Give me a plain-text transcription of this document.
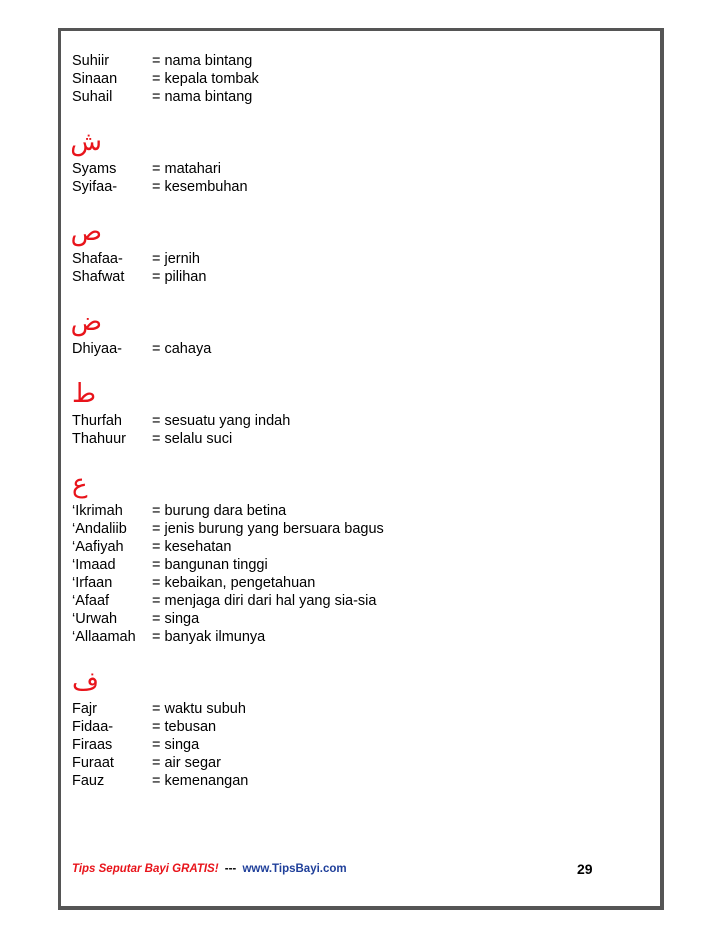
Suhiir	= nama bintang
Sinaan	= kepala tombak
Suhail	= nama bintang
ش
Syams	= matahari
Syifaa-	= kesembuhan
ص
Shafaa-	= jernih
Shafwat	= pilihan
ض
Dhiyaa-	= cahaya
ط
Thurfah	= sesuatu yang indah
Thahuur	= selalu suci
ع
‘Ikrimah	= burung dara betina
‘Andaliib	= jenis burung yang bersuara bagus
‘Aafiyah	= kesehatan
‘Imaad	= bangunan tinggi
‘Irfaan	= kebaikan, pengetahuan
‘Afaaf	= menjaga diri dari hal yang sia-sia
‘Urwah	= singa
‘Allaamah	= banyak ilmunya
ف
Fajr	= waktu subuh
Fidaa-	= tebusan
Firaas	= singa
Furaat	= air segar
Fauz	= kemenangan
Tips Seputar Bayi GRATIS! --- www.TipsBayi.com	29
